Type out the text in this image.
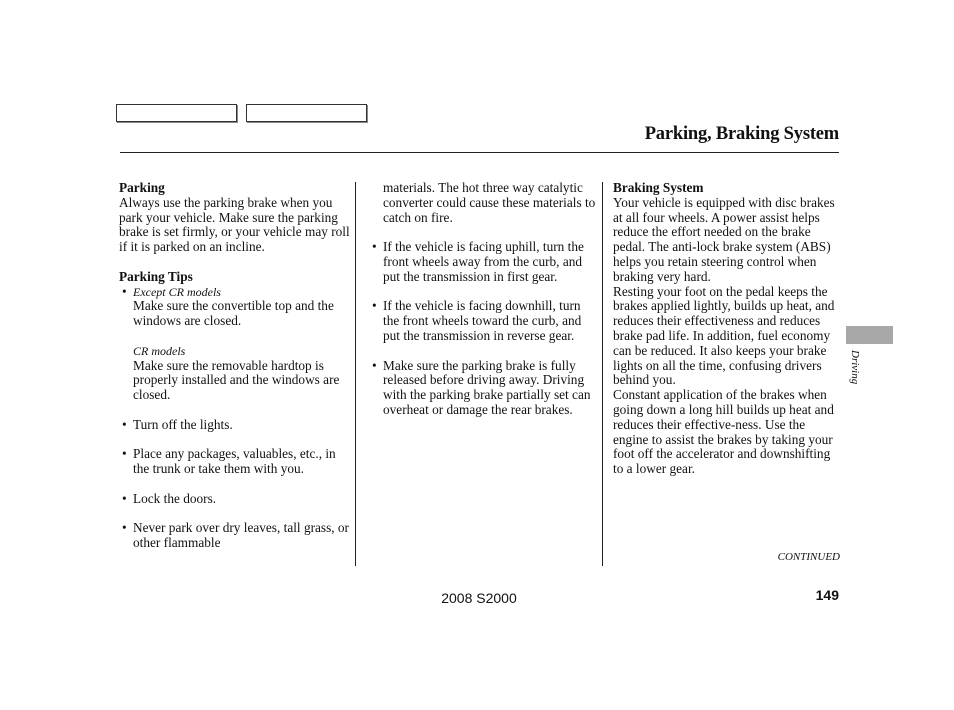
Parking, Braking System
Parking

Always use the parking brake when you park your vehicle. Make sure the parking brake is set firmly, or your vehicle may roll if it is parked on an incline.

Parking Tips
• Except CR models
Make sure the convertible top and the windows are closed.
CR models
Make sure the removable hardtop is properly installed and the windows are closed.
• Turn off the lights.
• Place any packages, valuables, etc., in the trunk or take them with you.
• Lock the doors.
• Never park over dry leaves, tall grass, or other flammable
materials. The hot three way catalytic converter could cause these materials to catch on fire.
• If the vehicle is facing uphill, turn the front wheels away from the curb, and put the transmission in first gear.
• If the vehicle is facing downhill, turn the front wheels toward the curb, and put the transmission in reverse gear.
• Make sure the parking brake is fully released before driving away. Driving with the parking brake partially set can overheat or damage the rear brakes.
Braking System

Your vehicle is equipped with disc brakes at all four wheels. A power assist helps reduce the effort needed on the brake pedal. The anti-lock brake system (ABS) helps you retain steering control when braking very hard.

Resting your foot on the pedal keeps the brakes applied lightly, builds up heat, and reduces their effectiveness and reduces brake pad life. In addition, fuel economy can be reduced. It also keeps your brake lights on all the time, confusing drivers behind you.

Constant application of the brakes when going down a long hill builds up heat and reduces their effective-ness. Use the engine to assist the brakes by taking your foot off the accelerator and downshifting to a lower gear.

Driving
CONTINUED
149
2008 S2000
